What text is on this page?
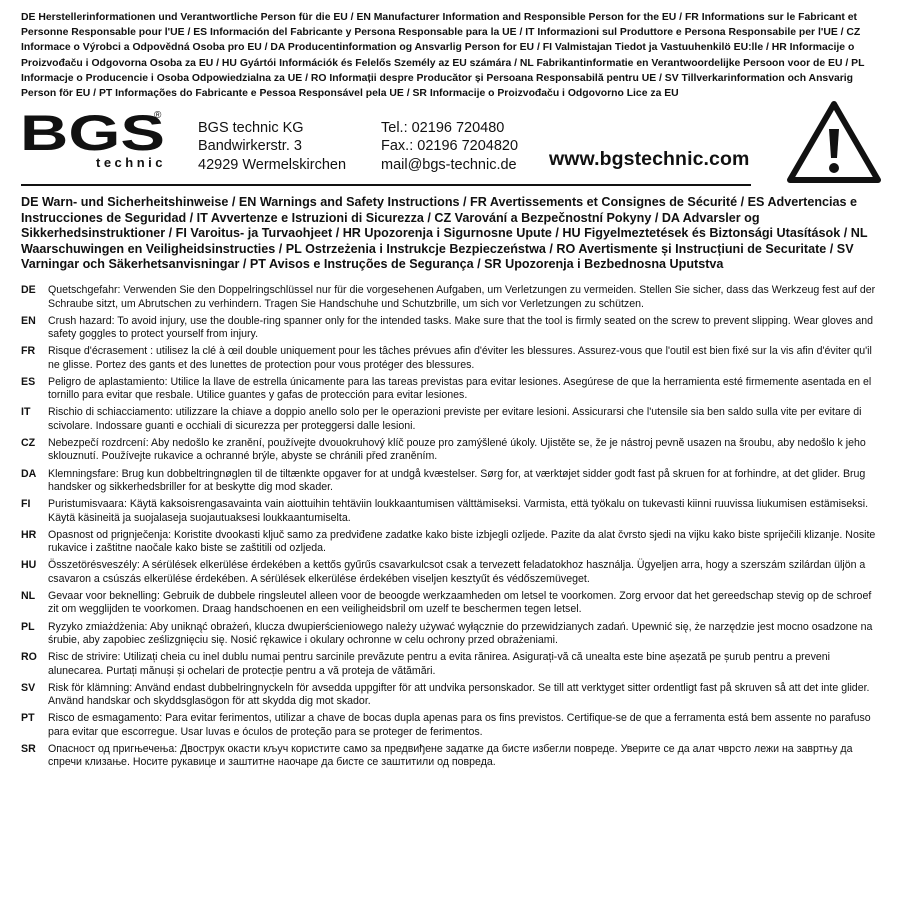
DE Herstellerinformationen und Verantwortliche Person für die EU / EN Manufacturer Information and Responsible Person for the EU / FR Informations sur le Fabricant et Personne Responsable pour l'UE / ES Información del Fabricante y Persona Responsable para la UE / IT Informazioni sul Produttore e Persona Responsabile per l'UE / CZ Informace o Výrobci a Odpovědná Osoba pro EU / DA Producentinformation og Ansvarlig Person for EU / FI Valmistajan Tiedot ja Vastuuhenkilö EU:lle / HR Informacije o Proizvođaču i Odgovorna Osoba za EU / HU Gyártói Információk és Felelős Személy az EU számára / NL Fabrikantinformatie en Verantwoordelijke Persoon voor de EU / PL Informacje o Producencie i Osoba Odpowiedzialna za UE / RO Informații despre Producător și Persoana Responsabilă pentru UE / SV Tillverkarinformation och Ansvarig Person för EU / PT Informações do Fabricante e Pessoa Responsável pela UE / SR Informacije o Proizvođaču i Odgovorno Lice za EU
BGS
®
technic
BGS technic KG
Bandwirkerstr. 3
42929 Wermelskirchen
Tel.: 02196 720480
Fax.: 02196 7204820
mail@bgs-technic.de www.bgstechnic.com
DE Warn- und Sicherheitshinweise / EN Warnings and Safety Instructions / FR Avertissements et Consignes de Sécurité / ES Advertencias e Instrucciones de Seguridad / IT Avvertenze e Istruzioni di Sicurezza / CZ Varování a Bezpečnostní Pokyny / DA Advarsler og Sikkerhedsinstruktioner / FI Varoitus- ja Turvaohjeet / HR Upozorenja i Sigurnosne Upute / HU Figyelmeztetések és Biztonsági Utasítások / NL Waarschuwingen en Veiligheidsinstructies / PL Ostrzeżenia i Instrukcje Bezpieczeństwa / RO Avertismente și Instrucțiuni de Securitate / SV Varningar och Säkerhetsanvisningar / PT Avisos e Instruções de Segurança / SR Upozorenja i Bezbednosna Uputstva
DE	Quetschgefahr: Verwenden Sie den Doppelringschlüssel nur für die vorgesehenen Aufgaben, um Verletzungen zu vermeiden. Stellen Sie sicher, dass das Werkzeug fest auf der Schraube sitzt, um Abrutschen zu verhindern. Tragen Sie Handschuhe und Schutzbrille, um sich vor Verletzungen zu schützen.
EN	Crush hazard: To avoid injury, use the double-ring spanner only for the intended tasks. Make sure that the tool is firmly seated on the screw to prevent slipping. Wear gloves and safety goggles to protect yourself from injury.
FR	Risque d'écrasement : utilisez la clé à œil double uniquement pour les tâches prévues afin d'éviter les blessures. Assurez-vous que l'outil est bien fixé sur la vis afin d'éviter qu'il ne glisse. Portez des gants et des lunettes de protection pour vous protéger des blessures.
ES	Peligro de aplastamiento: Utilice la llave de estrella únicamente para las tareas previstas para evitar lesiones. Asegúrese de que la herramienta esté firmemente asentada en el tornillo para evitar que resbale. Utilice guantes y gafas de protección para evitar lesiones.
IT	Rischio di schiacciamento: utilizzare la chiave a doppio anello solo per le operazioni previste per evitare lesioni. Assicurarsi che l'utensile sia ben saldo sulla vite per evitare di scivolare. Indossare guanti e occhiali di sicurezza per proteggersi dalle lesioni.
CZ	Nebezpečí rozdrcení: Aby nedošlo ke zranění, používejte dvouokruhový klíč pouze pro zamýšlené úkoly. Ujistěte se, že je nástroj pevně usazen na šroubu, aby nedošlo k jeho sklouznutí. Používejte rukavice a ochranné brýle, abyste se chránili před zraněním.
DA	Klemningsfare: Brug kun dobbeltringnøglen til de tiltænkte opgaver for at undgå kvæstelser. Sørg for, at værktøjet sidder godt fast på skruen for at forhindre, at det glider. Brug handsker og sikkerhedsbriller for at beskytte dig mod skader.
FI	Puristumisvaara: Käytä kaksoisrengasavainta vain aiottuihin tehtäviin loukkaantumisen välttämiseksi. Varmista, että työkalu on tukevasti kiinni ruuvissa liukumisen estämiseksi. Käytä käsineitä ja suojalaseja suojautuaksesi loukkaantumiselta.
HR	Opasnost od prignječenja: Koristite dvookasti ključ samo za predviđene zadatke kako biste izbjegli ozljede. Pazite da alat čvrsto sjedi na vijku kako biste spriječili klizanje. Nosite rukavice i zaštitne naočale kako biste se zaštitili od ozljeda.
HU	Összetörésveszély: A sérülések elkerülése érdekében a kettős gyűrűs csavarkulcsot csak a tervezett feladatokhoz használja. Ügyeljen arra, hogy a szerszám szilárdan üljön a csavaron a csúszás elkerülése érdekében. A sérülések elkerülése érdekében viseljen kesztyűt és védőszemüveget.
NL	Gevaar voor beknelling: Gebruik de dubbele ringsleutel alleen voor de beoogde werkzaamheden om letsel te voorkomen. Zorg ervoor dat het gereedschap stevig op de schroef zit om wegglijden te voorkomen. Draag handschoenen en een veiligheidsbril om uzelf te beschermen tegen letsel.
PL	Ryzyko zmiażdżenia: Aby uniknąć obrażeń, klucza dwupierścieniowego należy używać wyłącznie do przewidzianych zadań. Upewnić się, że narzędzie jest mocno osadzone na śrubie, aby zapobiec ześlizgnięciu się. Nosić rękawice i okulary ochronne w celu ochrony przed obrażeniami.
RO	Risc de strivire: Utilizați cheia cu inel dublu numai pentru sarcinile prevăzute pentru a evita rănirea. Asigurați-vă că unealta este bine așezată pe șurub pentru a preveni alunecarea. Purtați mănuși și ochelari de protecție pentru a vă proteja de vătămări.
SV	Risk för klämning: Använd endast dubbelringnyckeln för avsedda uppgifter för att undvika personskador. Se till att verktyget sitter ordentligt fast på skruven så att det inte glider. Använd handskar och skyddsglasögon för att skydda dig mot skador.
PT	Risco de esmagamento: Para evitar ferimentos, utilizar a chave de bocas dupla apenas para os fins previstos. Certifique-se de que a ferramenta está bem assente no parafuso para evitar que escorregue. Usar luvas e óculos de proteção para se proteger de ferimentos.
SR	Опасност од пригњечења: Двострук окасти кључ користите само за предвиђене задатке да бисте избегли повреде. Уверите се да алат чврсто лежи на завртњу да спречи клизање. Носите рукавице и заштитне наочаре да бисте се заштитили од повреда.
